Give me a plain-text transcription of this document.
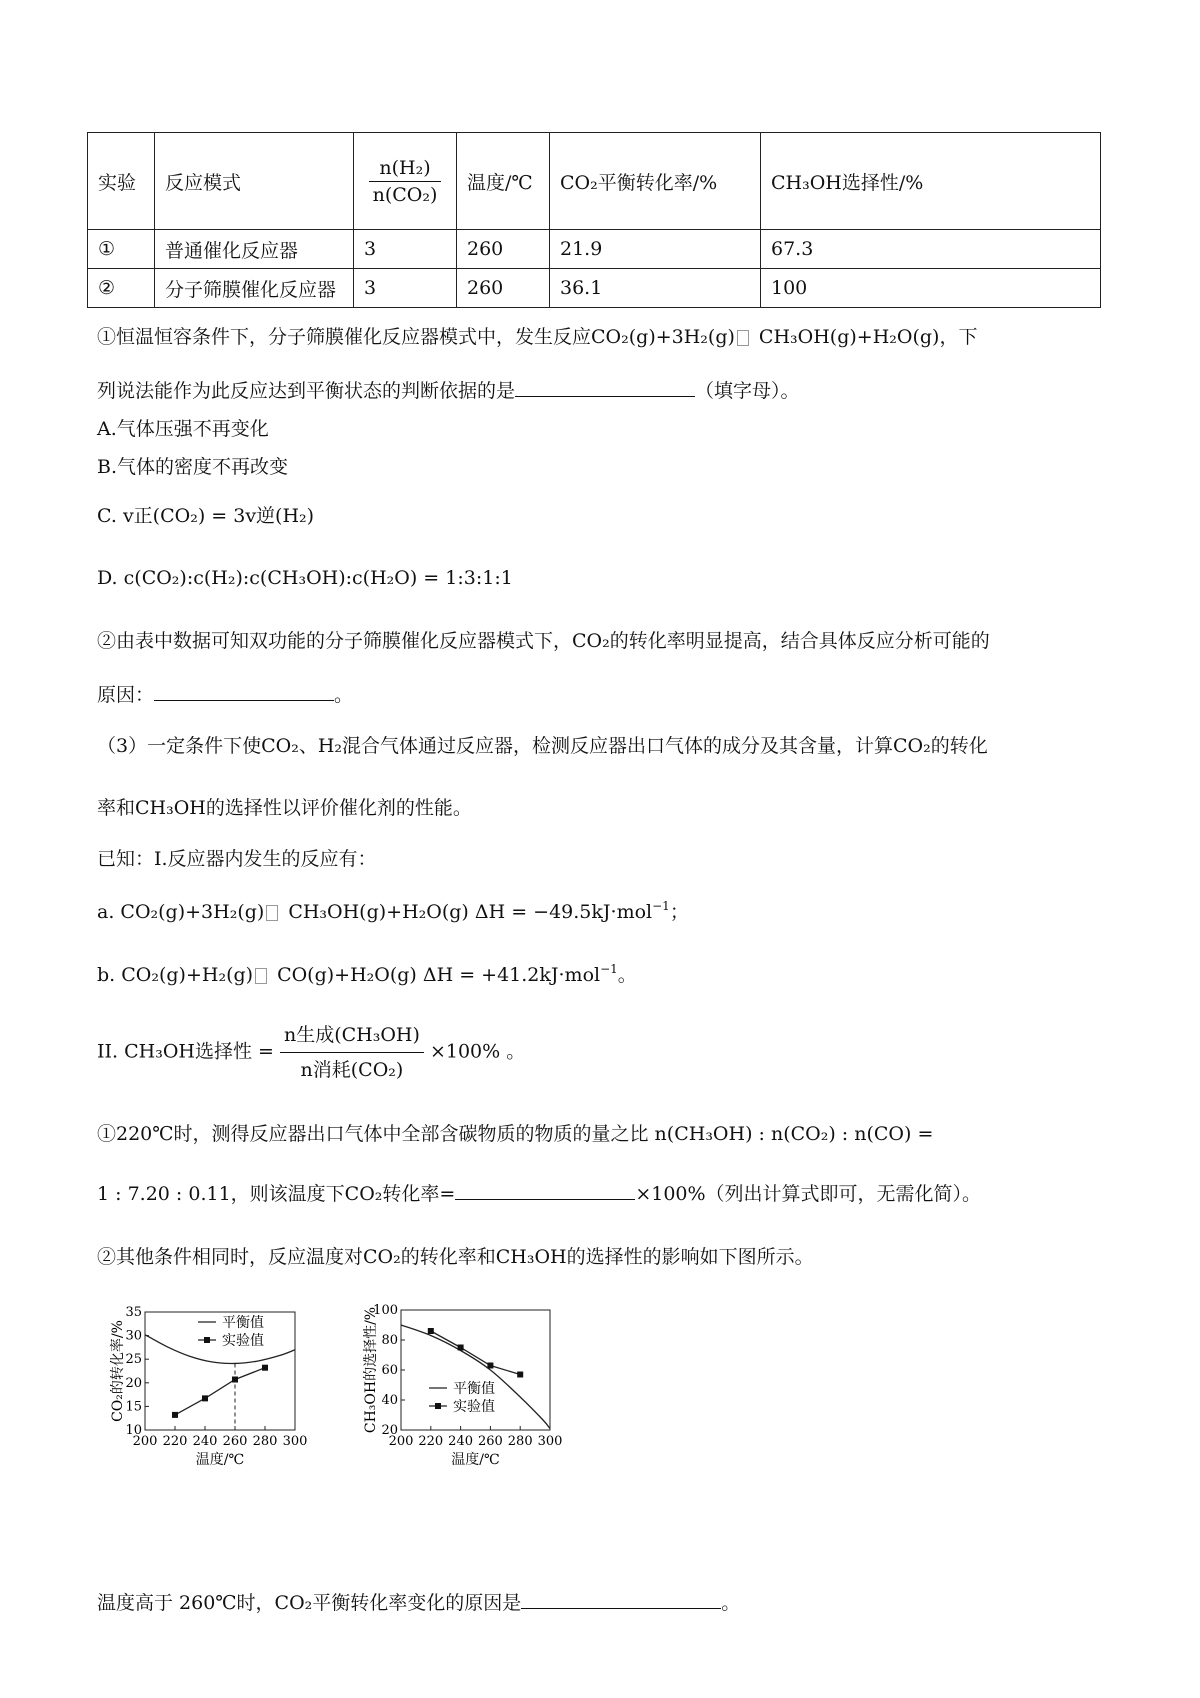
实验	反应模式	$\frac{\text{n(H₂)}}{\text{n(CO₂)}}$	温度/℃	CO₂平衡转化率/%	CH₃OH选择性/%
①	普通催化反应器	3	260	21.9	67.3
②	分子筛膜催化反应器	3	260	36.1	100
①恒温恒容条件下，分子筛膜催化反应器模式中，发生反应CO₂(g)+3H₂(g) CH₃OH(g)+H₂O(g)，下
列说法能作为此反应达到平衡状态的判断依据的是	（填字母）。
A.气体压强不再变化
B.气体的密度不再改变
C. v正(CO₂) = 3v逆(H₂)
D. c(CO₂):c(H₂):c(CH₃OH):c(H₂O) = 1:3:1:1
②由表中数据可知双功能的分子筛膜催化反应器模式下，CO₂的转化率明显提高，结合具体反应分析可能的
原因：	。
（3）一定条件下使CO₂、H₂混合气体通过反应器，检测反应器出口气体的成分及其含量，计算CO₂的转化
率和CH₃OH的选择性以评价催化剂的性能。
已知：I.反应器内发生的反应有：
a. CO₂(g)+3H₂(g) CH₃OH(g)+H₂O(g) ΔH = −49.5kJ·mol$^{-1}$；
b. CO₂(g)+H₂(g) CO(g)+H₂O(g) ΔH = +41.2kJ·mol$^{-1}$。
II. CH₃OH选择性 = $\frac{\text{n生成(CH₃OH)}}{\text{n消耗(CO₂)}} \times 100\%$ 。
①220℃时，测得反应器出口气体中全部含碳物质的物质的量之比 n(CH₃OH) : n(CO₂) : n(CO) =
1 : 7.20 : 0.11，则该温度下CO₂转化率=	×100%（列出计算式即可，无需化简）。
②其他条件相同时，反应温度对CO₂的转化率和CH₃OH的选择性的影响如下图所示。
200 220 240 260 280 300
10
15
20
25
30
35
温度/℃
CO₂的转化率/%	平衡值
实验值
200 220 240 260 280 300
20
40
60
80
100
温度/℃
CH₃OH的选择性/%	平衡值
实验值
温度高于 260℃时，CO₂平衡转化率变化的原因是	。
